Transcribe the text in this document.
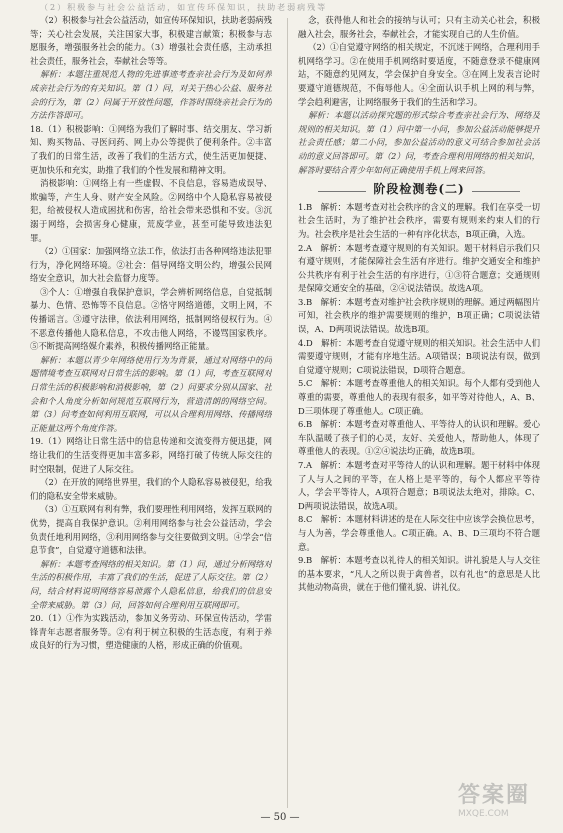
（2）积极参与社会公益活动，如宣传环保知识，扶助老弱病残等

（2）积极参与社会公益活动，如宣传环保知识，扶助老弱病残等；关心社会发展，关注国家大事，积极建言献策；积极参与志愿服务，增强服务社会的能力。（3）增强社会责任感，主动承担社会责任，服务社会，奉献社会等等。

解析：本题注重规范人物的先进事迹考查亲社会行为及如何养成亲社会行为的有关知识。第（1）问，对关于热心公益、服务社会的行为，第（2）问属于开放性问题，作答时围绕亲社会行为的方法作答即可。

18.（1）积极影响：①网络为我们了解时事、结交朋友、学习新知、购买物品、寻医问药、网上办公等提供了便利条件。②丰富了我们的日常生活，改善了我们的生活方式，使生活更加便捷、更加快乐和充实，助推了我们的个性发展和精神文明。

消极影响：①网络上有一些虚假、不良信息，容易造成误导、欺骗等，产生人身、财产安全风险。②网络中个人隐私容易被侵犯，给被侵权人造成困扰和伤害，给社会带来恐惧和不安。③沉溺于网络，会损害身心健康，荒废学业，甚至可能导致违法犯罪。

（2）①国家：加强网络立法工作，依法打击各种网络违法犯罪行为，净化网络环境。②社会：倡导网络文明公约，增强公民网络安全意识，加大社会监督力度等。

③个人：①增强自我保护意识，学会辨析网络信息，自觉抵制暴力、色情、恐怖等不良信息。②恪守网络道德，文明上网，不传播谣言。③遵守法律，依法利用网络，抵制网络侵权行为。④不恶意传播他人隐私信息，不攻击他人网络，不谩骂国家秩序。⑤不断提高网络媒介素养，积极传播网络正能量。

解析：本题以青少年网络使用行为为背景，通过对网络中的问题情境考查互联网对日常生活的影响。第（1）问，考查互联网对日常生活的积极影响和消极影响，第（2）问要求分别从国家、社会和个人角度分析如何规范互联网行为，营造清朗的网络空间。第（3）问考查如何利用互联网，可以从合理利用网络、传播网络正能量这两个角度作答。

19.（1）网络让日常生活中的信息传递和交流变得方便迅捷，网络让我们的生活变得更加丰富多彩，网络打破了传统人际交往的时空限制，促进了人际交往。

（2）在开放的网络世界里，我们的个人隐私容易被侵犯，给我们的隐私安全带来威胁。

（3）①互联网有利有弊，我们要理性利用网络，发挥互联网的优势，提高自我保护意识。②利用网络参与社会公益活动，学会负责任地利用网络，③利用网络参与交往要做到文明。④学会“信息节食”，自觉遵守道德和法律。

解析：本题考查网络的相关知识。第（1）问，通过分析网络对生活的积极作用，丰富了我们的生活，促进了人际交往。第（2）问，结合材料说明网络容易泄露个人隐私信息，给我们的信息安全带来威胁。第（3）问，回答如何合理利用互联网即可。

20.（1）①作为实践活动，参加义务劳动、环保宣传活动，学雷锋青年志愿者服务等。②有利于树立积极的生活态度，有利于养成良好的行为习惯，塑造健康的人格，形成正确的价值观。

念，获得他人和社会的接纳与认可；只有主动关心社会，积极融入社会，服务社会，奉献社会，才能实现自己的人生价值。

（2）①自觉遵守网络的相关规定，不沉迷于网络，合理利用手机网络学习。②在使用手机网络时要适度，不随意登录不健康网站，不随意约见网友，学会保护自身安全。③在网上发表言论时要遵守道德规范，不侮辱他人。④全面认识手机上网的利与弊，学会趋利避害，让网络服务于我们的生活和学习。

解析：本题以活动探究题的形式综合考查亲社会行为、网络及规则的相关知识。第（1）问中第一小问，参加公益活动能够提升社会责任感；第二小问，参加公益活动的意义可结合参加社会活动的意义回答即可。第（2）问，考查合理利用网络的相关知识，解答时要结合青少年如何正确使用手机上网来回答。

阶段检测卷(二)

1.B　解析：本题考查对社会秩序的含义的理解。我们在享受一切社会生活时，为了维护社会秩序，需要有规则来约束人们的行为。社会秩序是社会生活的一种有序化状态，B项正确，入选。

2.A　解析：本题考查遵守规则的有关知识。题干材料启示我们只有遵守规则，才能保障社会生活有序进行。维护交通安全和维护公共秩序有利于社会生活的有序进行，①③符合题意；交通规则是保障交通安全的基础，②④说法错误。故选A项。

3.B　解析：本题考查对维护社会秩序规则的理解。通过两幅图片可知，社会秩序的维护需要规则的维护，B项正确；C项说法错误，A、D两项说法错误。故选B项。

4.D　解析：本题考查自觉遵守规则的相关知识。社会生活中人们需要遵守规则，才能有序地生活。A项错误；B项说法有误，做到自觉遵守规则；C项说法错误，D项符合题意。

5.C　解析：本题考查尊重他人的相关知识。每个人都有受到他人尊重的需要，尊重他人的表现有很多，如平等对待他人，A、B、D三项体现了尊重他人。C项正确。

6.B　解析：本题考查对尊重他人、平等待人的认识和理解。爱心车队温暖了孩子们的心灵，友好、关爱他人，帮助他人，体现了尊重他人的表现。①②④说法均正确，故选B项。

7.A　解析：本题考查对平等待人的认识和理解。题干材料中体现了人与人之间的平等，在人格上是平等的，每个人都应平等待人，学会平等待人，A项符合题意；B项说法太绝对，排除。C、D两项说法错误，故选A项。

8.C　解析：本题材料讲述的是在人际交往中应该学会换位思考，与人为善，学会尊重他人。C项正确。A、B、D三项均不符合题意。

9.B　解析：本题考查以礼待人的相关知识。讲礼貌是人与人交往的基本要求，“凡人之所以贵于禽兽者，以有礼也”的意思是人比其他动物高贵，就在于他们懂礼貌、讲礼仪。

— 50 —
答案圈
MXQE.COM
